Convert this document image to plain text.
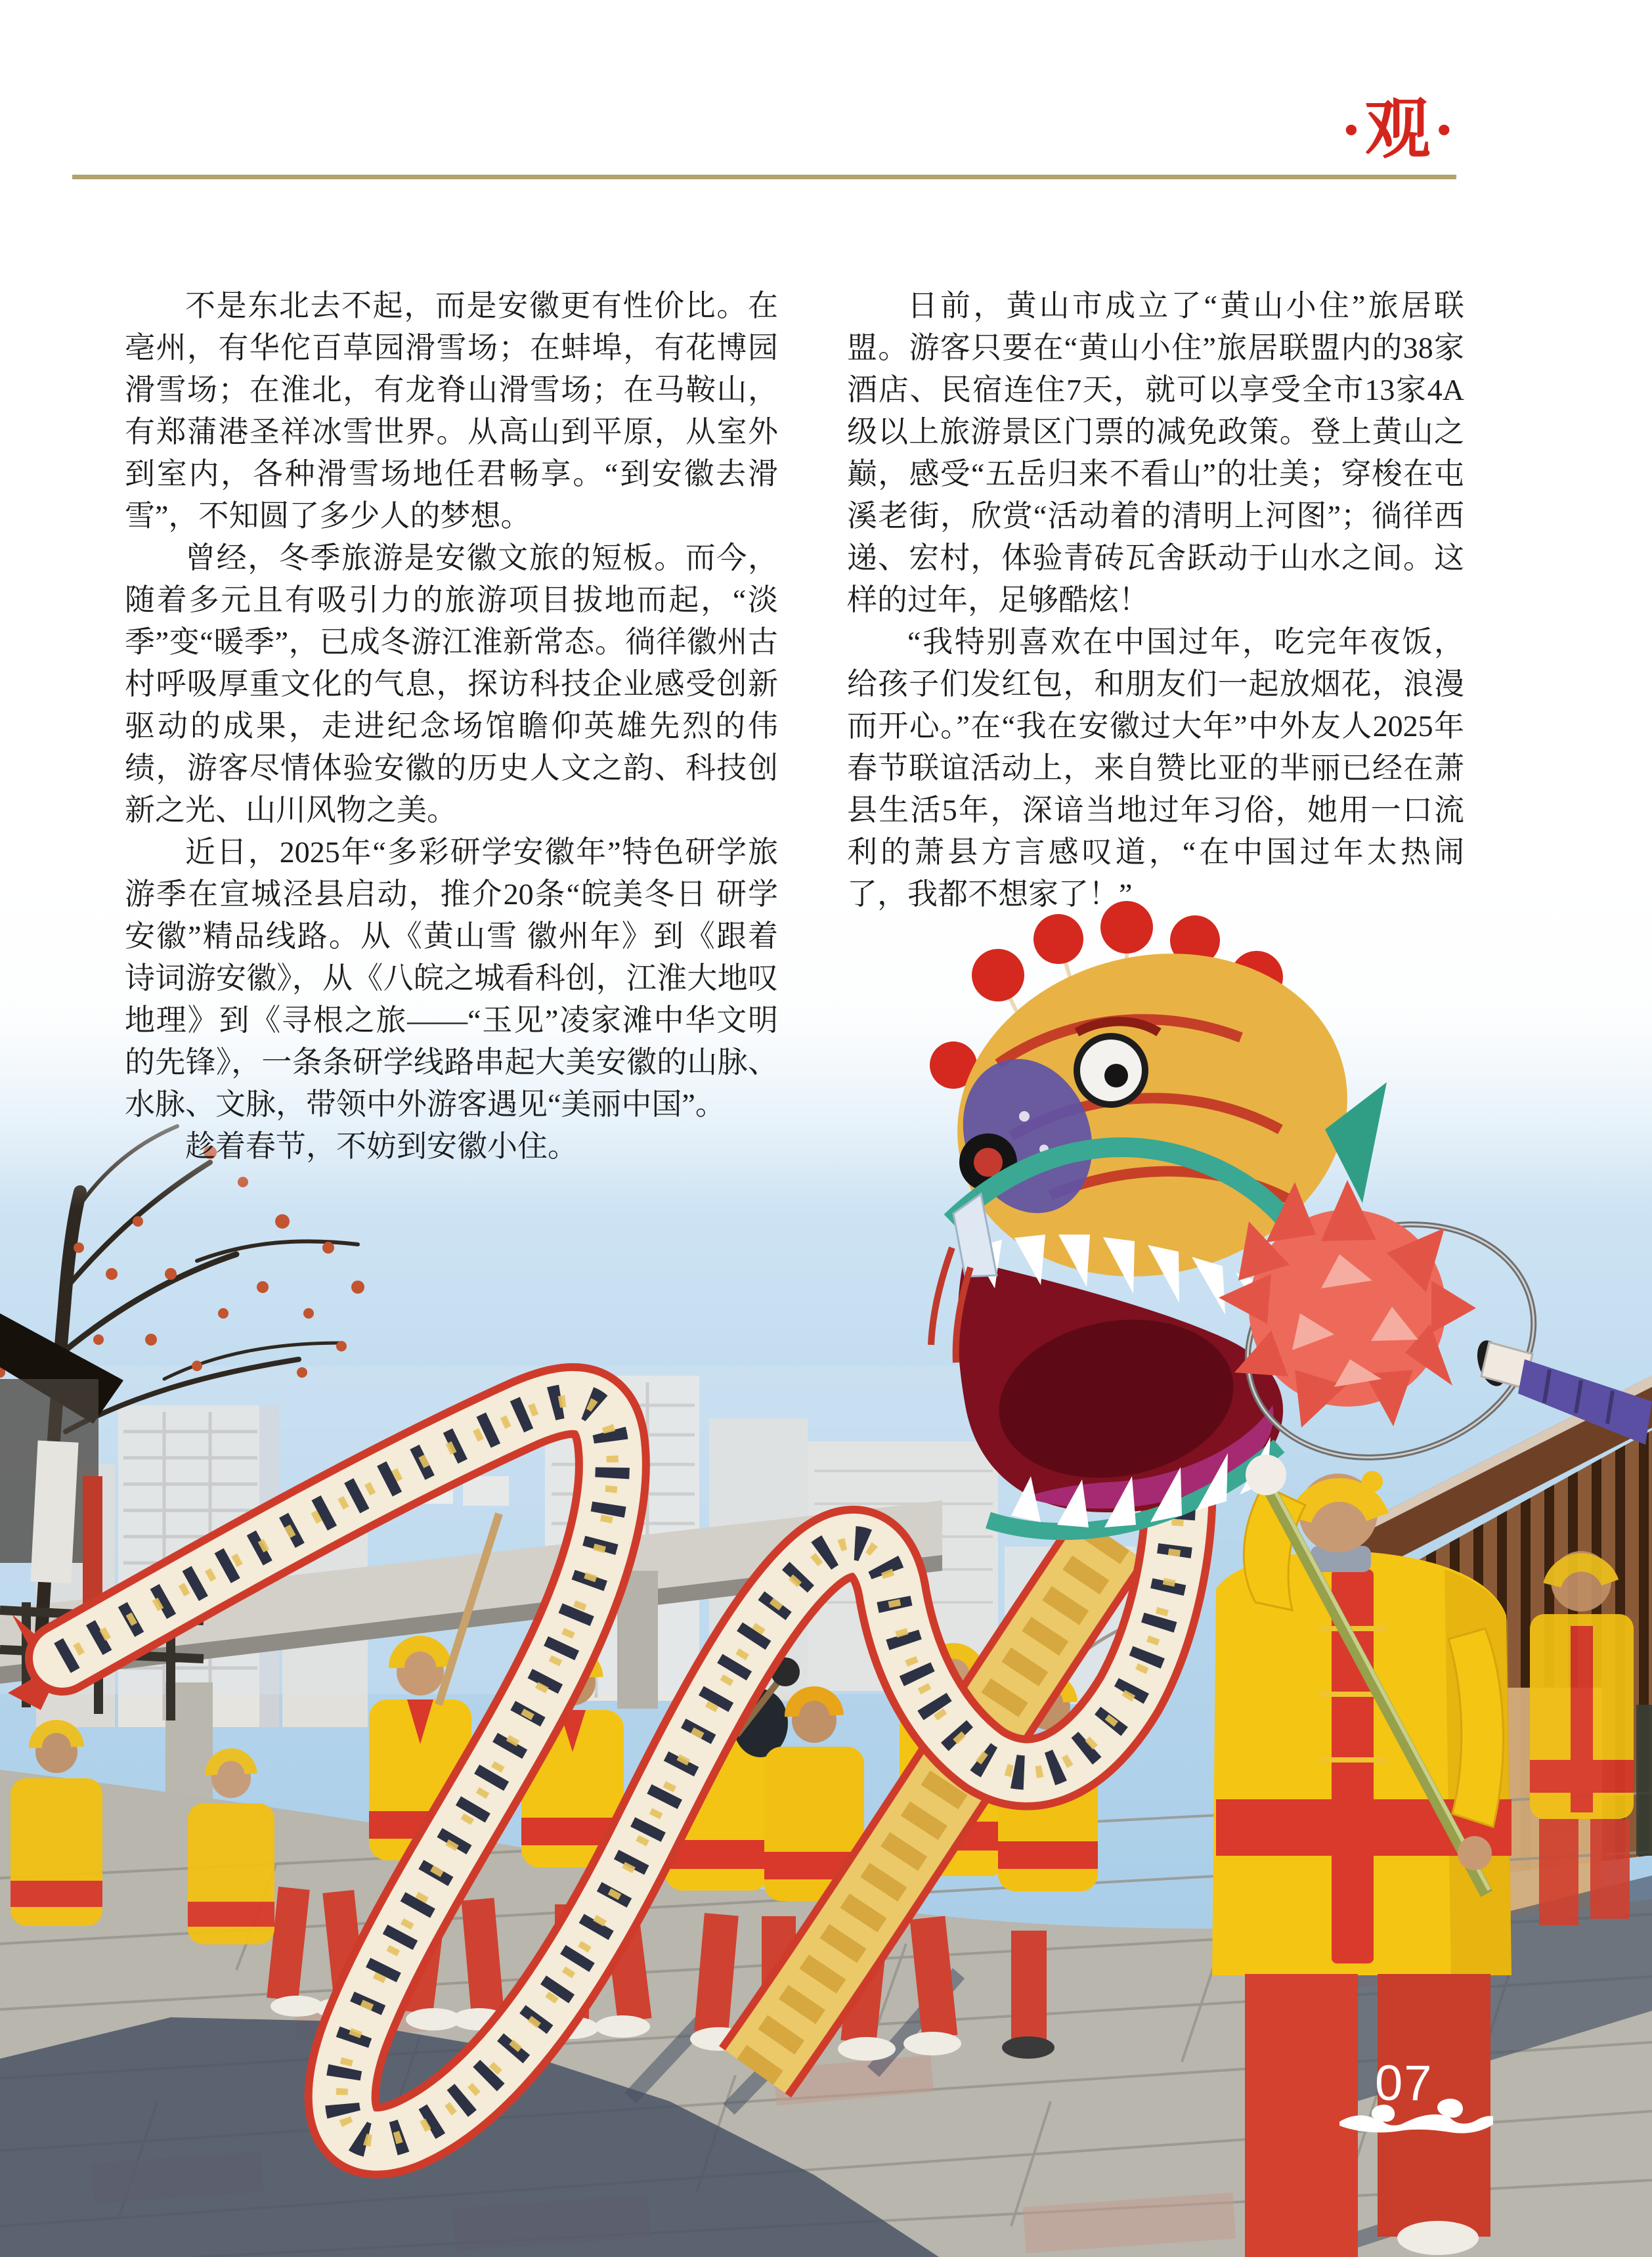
·观·

不是东北去不起，而是安徽更有性价比。在亳州，有华佗百草园滑雪场；在蚌埠，有花博园滑雪场；在淮北，有龙脊山滑雪场；在马鞍山，有郑蒲港圣祥冰雪世界。从高山到平原，从室外到室内，各种滑雪场地任君畅享。“到安徽去滑雪”，不知圆了多少人的梦想。

曾经，冬季旅游是安徽文旅的短板。而今，随着多元且有吸引力的旅游项目拔地而起，“淡季”变“暖季”，已成冬游江淮新常态。徜徉徽州古村呼吸厚重文化的气息，探访科技企业感受创新驱动的成果，走进纪念场馆瞻仰英雄先烈的伟绩，游客尽情体验安徽的历史人文之韵、科技创新之光、山川风物之美。

近日，2025年“多彩研学安徽年”特色研学旅游季在宣城泾县启动，推介20条“皖美冬日 研学安徽”精品线路。从《黄山雪 徽州年》到《跟着诗词游安徽》，从《八皖之城看科创，江淮大地叹地理》到《寻根之旅——“玉见”凌家滩中华文明的先锋》，一条条研学线路串起大美安徽的山脉、水脉、文脉，带领中外游客遇见“美丽中国”。

趁着春节，不妨到安徽小住。

日前，黄山市成立了“黄山小住”旅居联盟。游客只要在“黄山小住”旅居联盟内的38家酒店、民宿连住7天，就可以享受全市13家4A级以上旅游景区门票的减免政策。登上黄山之巅，感受“五岳归来不看山”的壮美；穿梭在屯溪老街，欣赏“活动着的清明上河图”；徜徉西递、宏村，体验青砖瓦舍跃动于山水之间。这样的过年，足够酷炫！

“我特别喜欢在中国过年，吃完年夜饭，给孩子们发红包，和朋友们一起放烟花，浪漫而开心。”在“我在安徽过大年”中外友人2025年春节联谊活动上，来自赞比亚的芈丽已经在萧县生活5年，深谙当地过年习俗，她用一口流利的萧县方言感叹道，“在中国过年太热闹了，我都不想家了！”

07
